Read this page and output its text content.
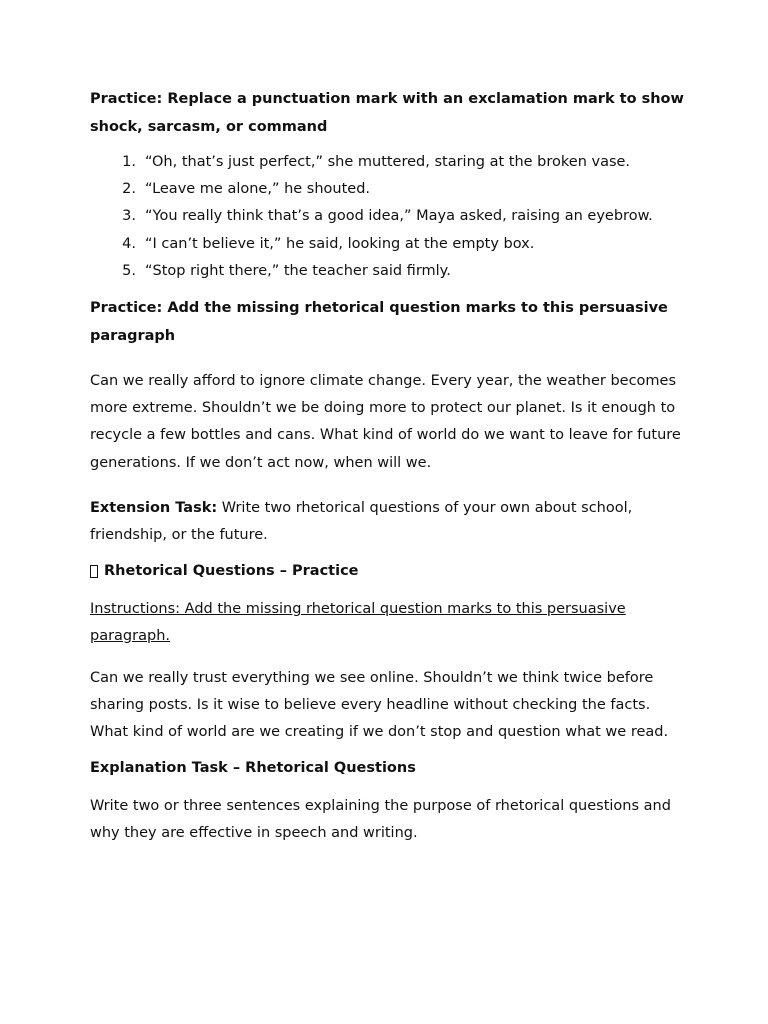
Practice: Replace a punctuation mark with an exclamation mark to show shock, sarcasm, or command

1. “Oh, that’s just perfect,” she muttered, staring at the broken vase.
2. “Leave me alone,” he shouted.
3. “You really think that’s a good idea,” Maya asked, raising an eyebrow.
4. “I can’t believe it,” he said, looking at the empty box.
5. “Stop right there,” the teacher said firmly.

Practice: Add the missing rhetorical question marks to this persuasive paragraph

Can we really afford to ignore climate change. Every year, the weather becomes more extreme. Shouldn’t we be doing more to protect our planet. Is it enough to recycle a few bottles and cans. What kind of world do we want to leave for future generations. If we don’t act now, when will we.

Extension Task: Write two rhetorical questions of your own about school, friendship, or the future.

Rhetorical Questions – Practice

Instructions: Add the missing rhetorical question marks to this persuasive paragraph.

Can we really trust everything we see online. Shouldn’t we think twice before sharing posts. Is it wise to believe every headline without checking the facts. What kind of world are we creating if we don’t stop and question what we read.

Explanation Task – Rhetorical Questions

Write two or three sentences explaining the purpose of rhetorical questions and why they are effective in speech and writing.
